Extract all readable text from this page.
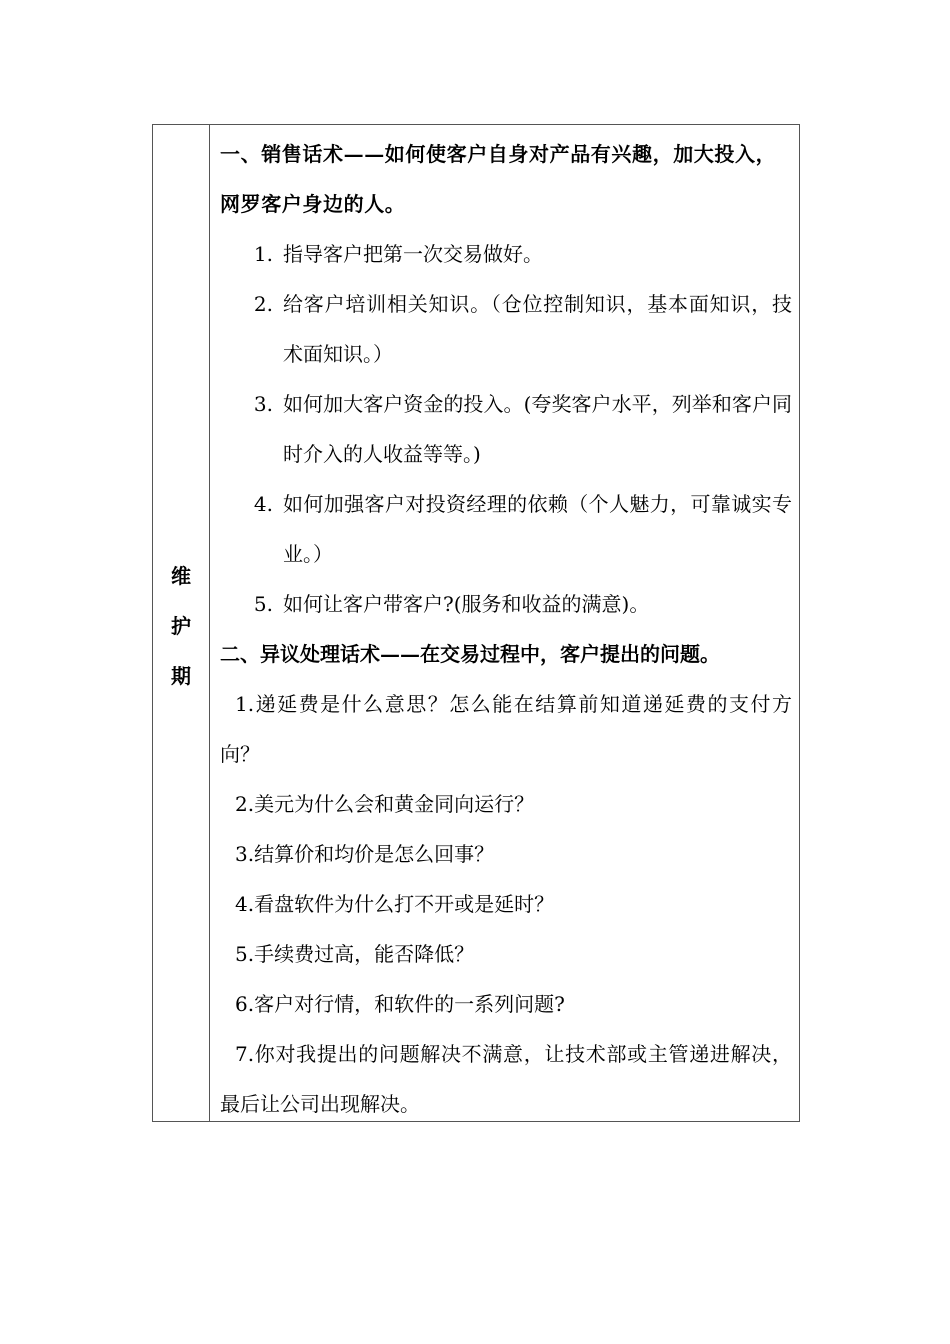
维
护
期
一、销售话术——如何使客户自身对产品有兴趣，加大投入，网罗客户身边的人。
1. 指导客户把第一次交易做好。
2. 给客户培训相关知识。（仓位控制知识，基本面知识，技术面知识。）
3. 如何加大客户资金的投入。(夸奖客户水平，列举和客户同时介入的人收益等等。)
4. 如何加强客户对投资经理的依赖（个人魅力，可靠诚实专业。）
5. 如何让客户带客户?(服务和收益的满意)。
二、异议处理话术——在交易过程中，客户提出的问题。
1.递延费是什么意思？怎么能在结算前知道递延费的支付方向？
2.美元为什么会和黄金同向运行？
3.结算价和均价是怎么回事？
4.看盘软件为什么打不开或是延时？
5.手续费过高，能否降低？
6.客户对行情，和软件的一系列问题?
7.你对我提出的问题解决不满意，让技术部或主管递进解决，最后让公司出现解决。
